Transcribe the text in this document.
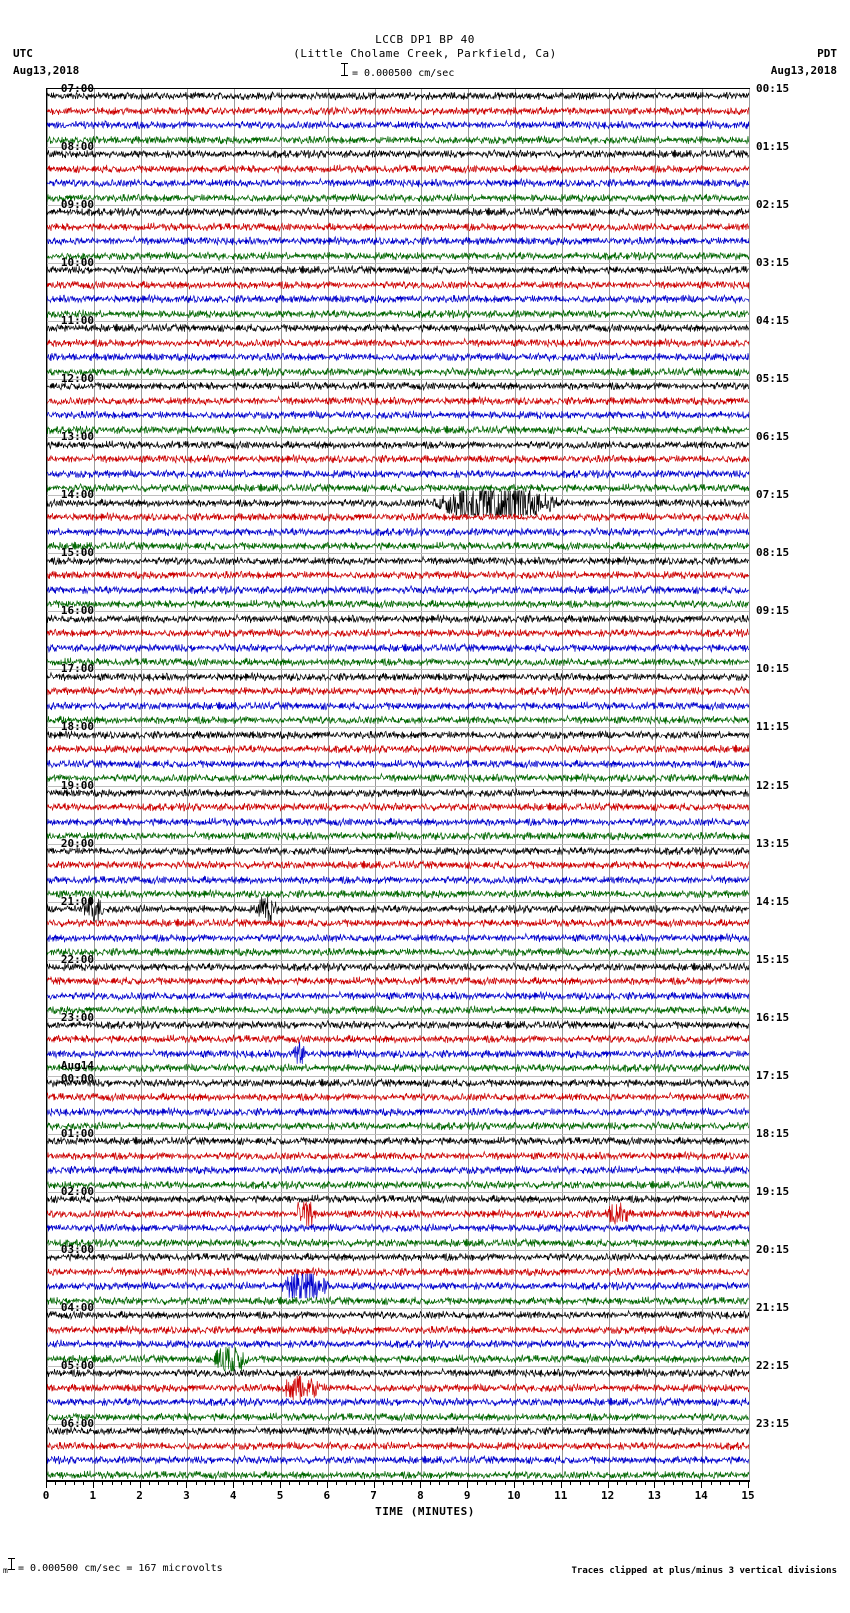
LCCB DP1 BP 40
(Little Cholame Creek, Parkfield, Ca)
UTC
Aug13,2018
PDT
Aug13,2018
= 0.000500 cm/sec
07:00
08:00
09:00
10:00
11:00
12:00
13:00
14:00
15:00
16:00
17:00
18:00
19:00
20:00
21:00
22:00
23:00
Aug14
00:00
01:00
02:00
03:00
04:00
05:00
06:00
00:15
01:15
02:15
03:15
04:15
05:15
06:15
07:15
08:15
09:15
10:15
11:15
12:15
13:15
14:15
15:15
16:15
17:15
18:15
19:15
20:15
21:15
22:15
23:15
0	1	2	3	4	5	6	7	8	9	10	11	12	13	14	15
TIME (MINUTES)
m = 0.000500 cm/sec = 167 microvolts	Traces clipped at plus/minus 3 vertical divisions
